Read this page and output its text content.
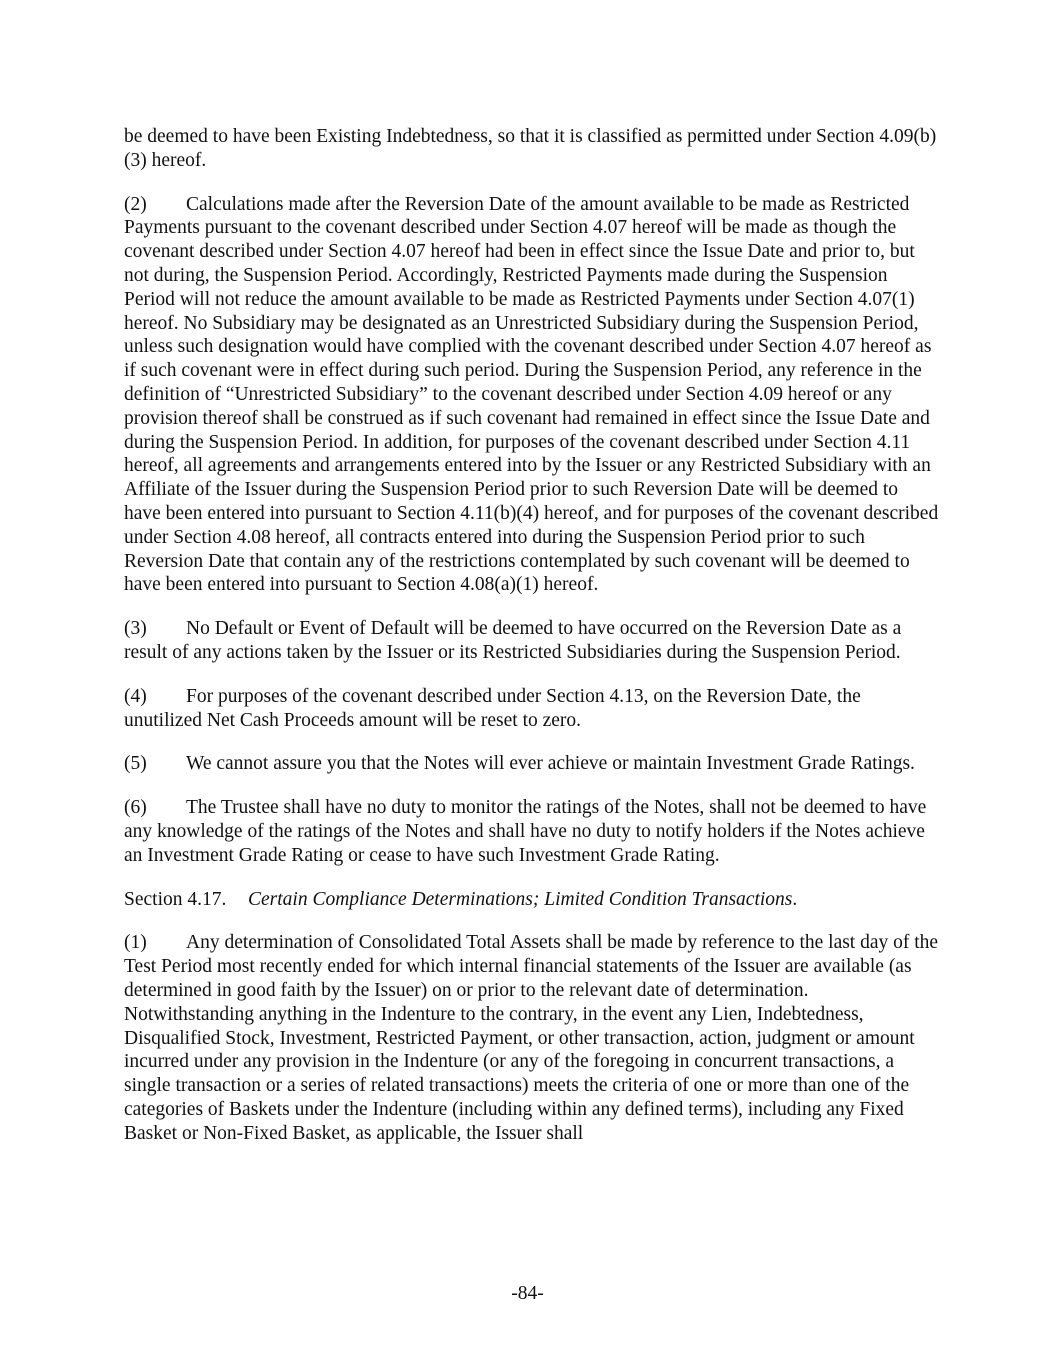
be deemed to have been Existing Indebtedness, so that it is classified as permitted under Section 4.09(b)(3) hereof.

(2) Calculations made after the Reversion Date of the amount available to be made as Restricted Payments pursuant to the covenant described under Section 4.07 hereof will be made as though the covenant described under Section 4.07 hereof had been in effect since the Issue Date and prior to, but not during, the Suspension Period. Accordingly, Restricted Payments made during the Suspension Period will not reduce the amount available to be made as Restricted Payments under Section 4.07(1) hereof. No Subsidiary may be designated as an Unrestricted Subsidiary during the Suspension Period, unless such designation would have complied with the covenant described under Section 4.07 hereof as if such covenant were in effect during such period. During the Suspension Period, any reference in the definition of “Unrestricted Subsidiary” to the covenant described under Section 4.09 hereof or any provision thereof shall be construed as if such covenant had remained in effect since the Issue Date and during the Suspension Period. In addition, for purposes of the covenant described under Section 4.11 hereof, all agreements and arrangements entered into by the Issuer or any Restricted Subsidiary with an Affiliate of the Issuer during the Suspension Period prior to such Reversion Date will be deemed to have been entered into pursuant to Section 4.11(b)(4) hereof, and for purposes of the covenant described under Section 4.08 hereof, all contracts entered into during the Suspension Period prior to such Reversion Date that contain any of the restrictions contemplated by such covenant will be deemed to have been entered into pursuant to Section 4.08(a)(1) hereof.

(3) No Default or Event of Default will be deemed to have occurred on the Reversion Date as a result of any actions taken by the Issuer or its Restricted Subsidiaries during the Suspension Period.

(4) For purposes of the covenant described under Section 4.13, on the Reversion Date, the unutilized Net Cash Proceeds amount will be reset to zero.

(5) We cannot assure you that the Notes will ever achieve or maintain Investment Grade Ratings.

(6) The Trustee shall have no duty to monitor the ratings of the Notes, shall not be deemed to have any knowledge of the ratings of the Notes and shall have no duty to notify holders if the Notes achieve an Investment Grade Rating or cease to have such Investment Grade Rating.

Section 4.17. Certain Compliance Determinations; Limited Condition Transactions.

(1) Any determination of Consolidated Total Assets shall be made by reference to the last day of the Test Period most recently ended for which internal financial statements of the Issuer are available (as determined in good faith by the Issuer) on or prior to the relevant date of determination. Notwithstanding anything in the Indenture to the contrary, in the event any Lien, Indebtedness, Disqualified Stock, Investment, Restricted Payment, or other transaction, action, judgment or amount incurred under any provision in the Indenture (or any of the foregoing in concurrent transactions, a single transaction or a series of related transactions) meets the criteria of one or more than one of the categories of Baskets under the Indenture (including within any defined terms), including any Fixed Basket or Non-Fixed Basket, as applicable, the Issuer shall

-84-
